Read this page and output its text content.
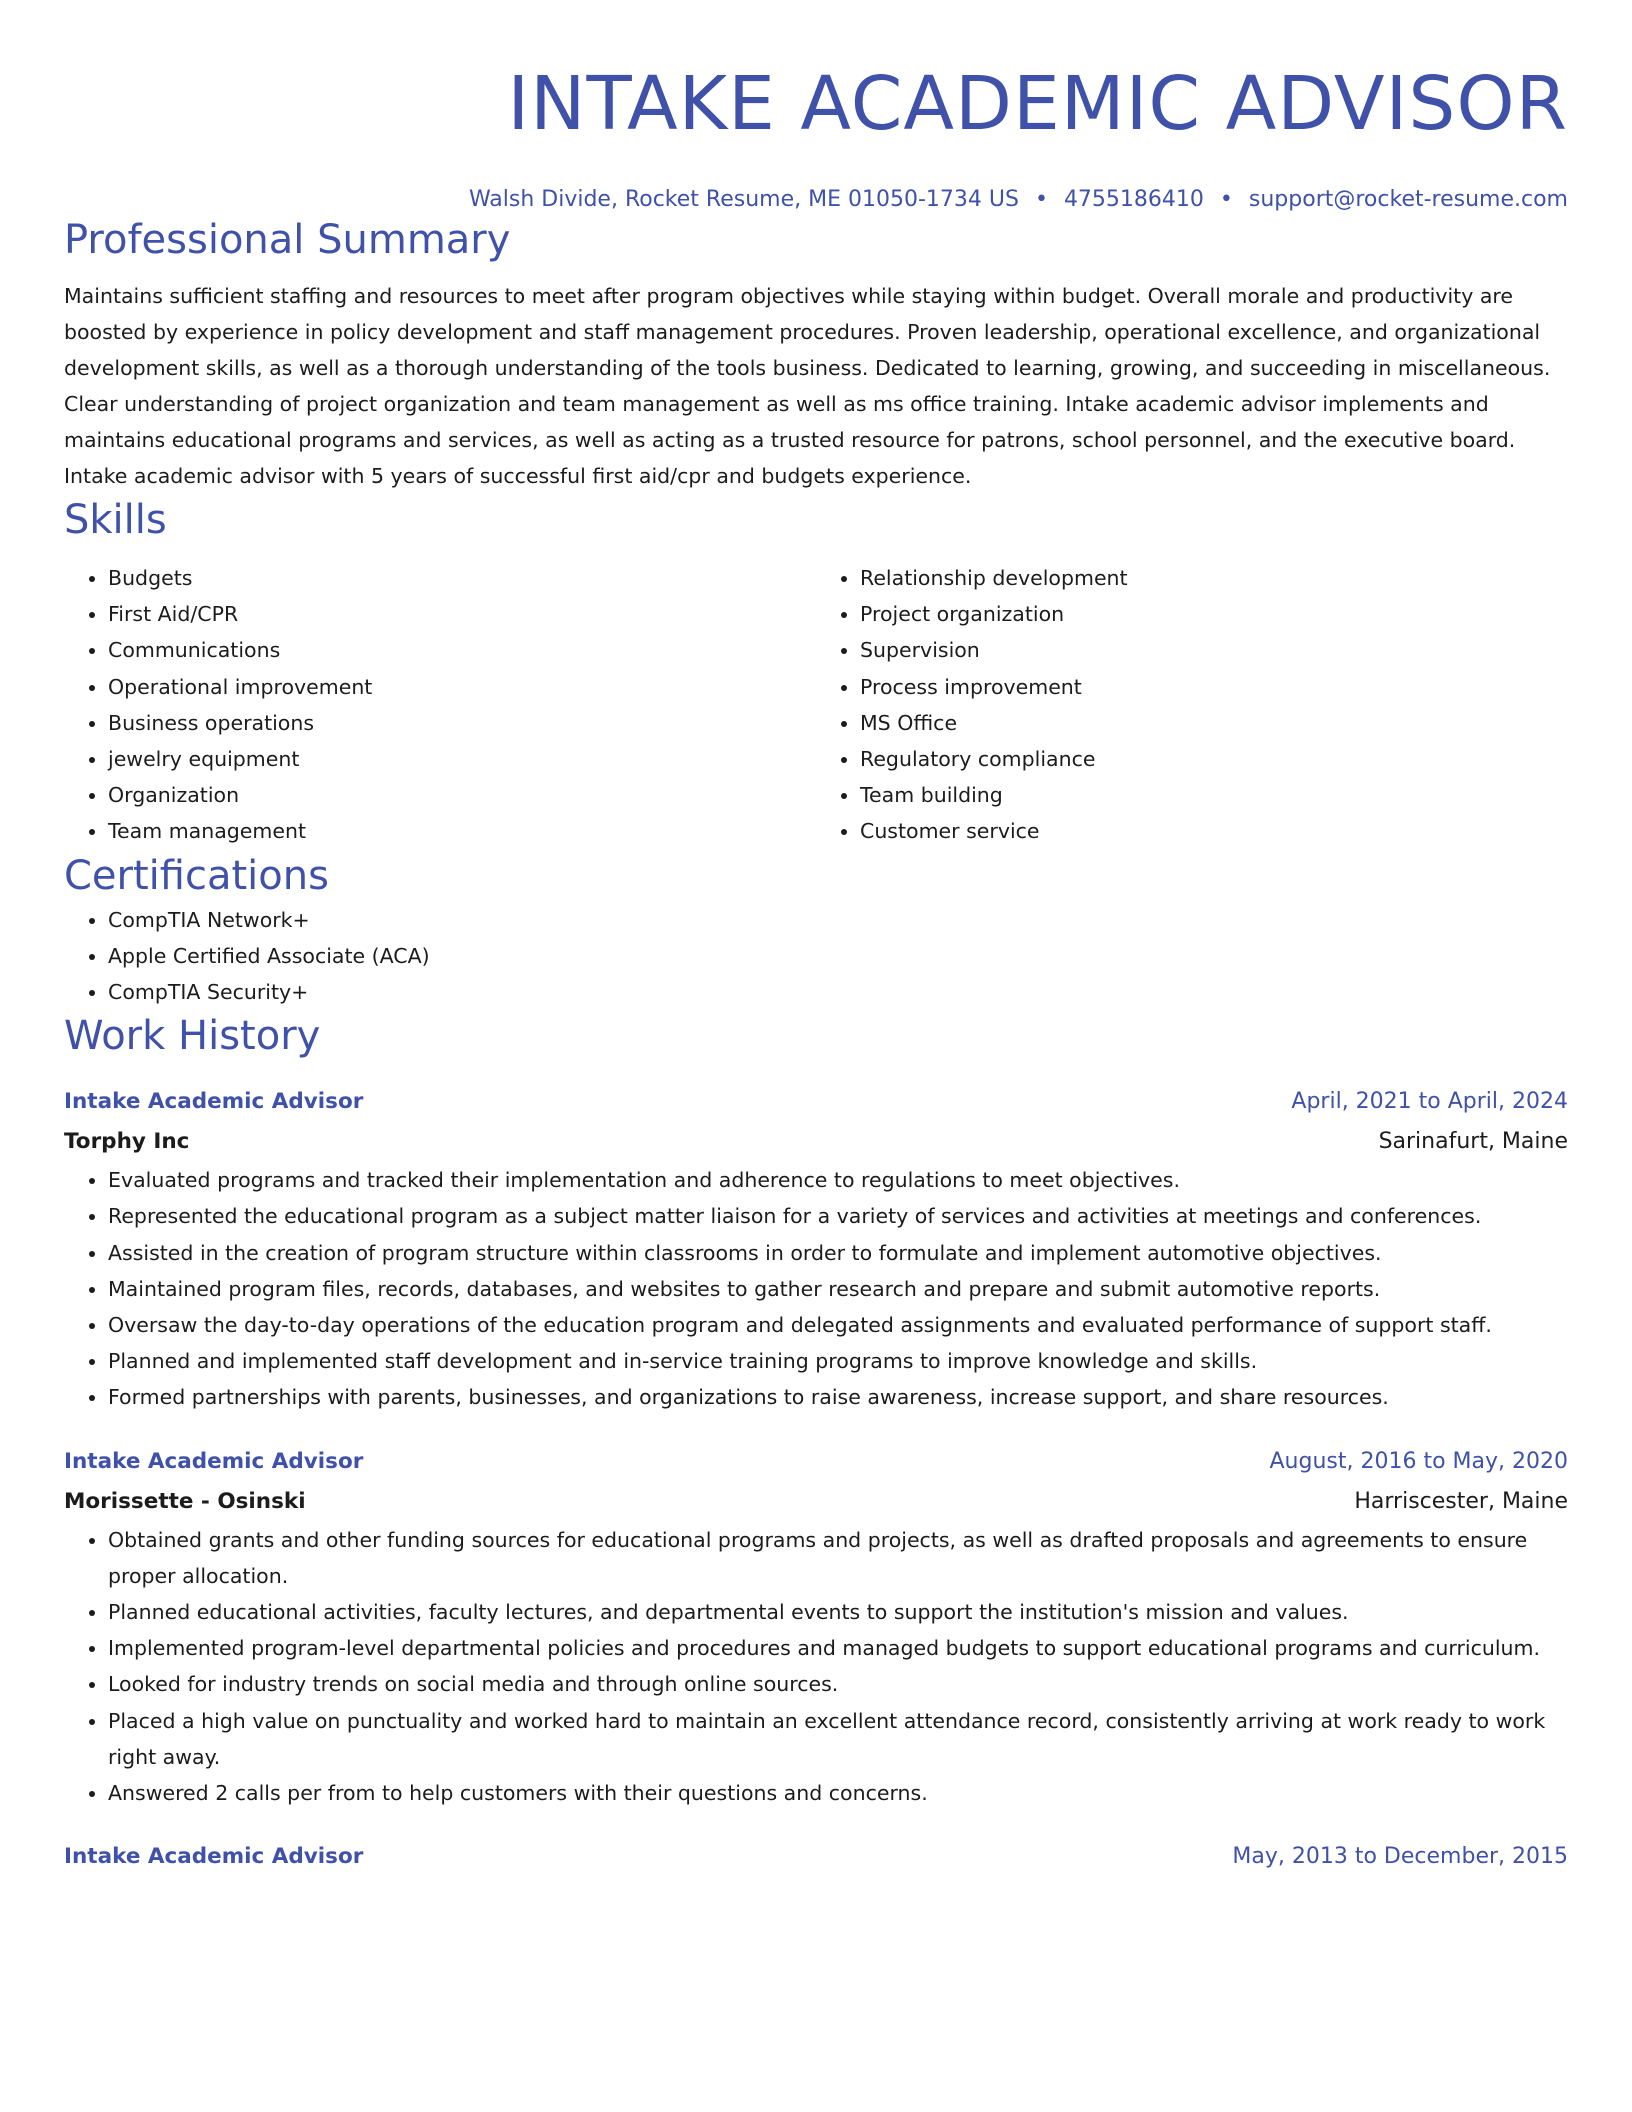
INTAKE ACADEMIC ADVISOR
Walsh Divide, Rocket Resume, ME 01050-1734 US • 4755186410 • support@rocket-resume.com
Professional Summary
Maintains sufficient staffing and resources to meet after program objectives while staying within budget. Overall morale and productivity are boosted by experience in policy development and staff management procedures. Proven leadership, operational excellence, and organizational development skills, as well as a thorough understanding of the tools business. Dedicated to learning, growing, and succeeding in miscellaneous. Clear understanding of project organization and team management as well as ms office training. Intake academic advisor implements and maintains educational programs and services, as well as acting as a trusted resource for patrons, school personnel, and the executive board. Intake academic advisor with 5 years of successful first aid/cpr and budgets experience.
Skills
• Budgets
• First Aid/CPR
• Communications
• Operational improvement
• Business operations
• jewelry equipment
• Organization
• Team management
• Relationship development
• Project organization
• Supervision
• Process improvement
• MS Office
• Regulatory compliance
• Team building
• Customer service
Certifications
• CompTIA Network+
• Apple Certified Associate (ACA)
• CompTIA Security+
Work History
Intake Academic Advisor	April, 2021 to April, 2024
Torphy Inc	Sarinafurt, Maine
• Evaluated programs and tracked their implementation and adherence to regulations to meet objectives.
• Represented the educational program as a subject matter liaison for a variety of services and activities at meetings and conferences.
• Assisted in the creation of program structure within classrooms in order to formulate and implement automotive objectives.
• Maintained program files, records, databases, and websites to gather research and prepare and submit automotive reports.
• Oversaw the day-to-day operations of the education program and delegated assignments and evaluated performance of support staff.
• Planned and implemented staff development and in-service training programs to improve knowledge and skills.
• Formed partnerships with parents, businesses, and organizations to raise awareness, increase support, and share resources.
Intake Academic Advisor	August, 2016 to May, 2020
Morissette - Osinski	Harriscester, Maine
• Obtained grants and other funding sources for educational programs and projects, as well as drafted proposals and agreements to ensure proper allocation.
• Planned educational activities, faculty lectures, and departmental events to support the institution's mission and values.
• Implemented program-level departmental policies and procedures and managed budgets to support educational programs and curriculum.
• Looked for industry trends on social media and through online sources.
• Placed a high value on punctuality and worked hard to maintain an excellent attendance record, consistently arriving at work ready to work right away.
• Answered 2 calls per from to help customers with their questions and concerns.
Intake Academic Advisor	May, 2013 to December, 2015
